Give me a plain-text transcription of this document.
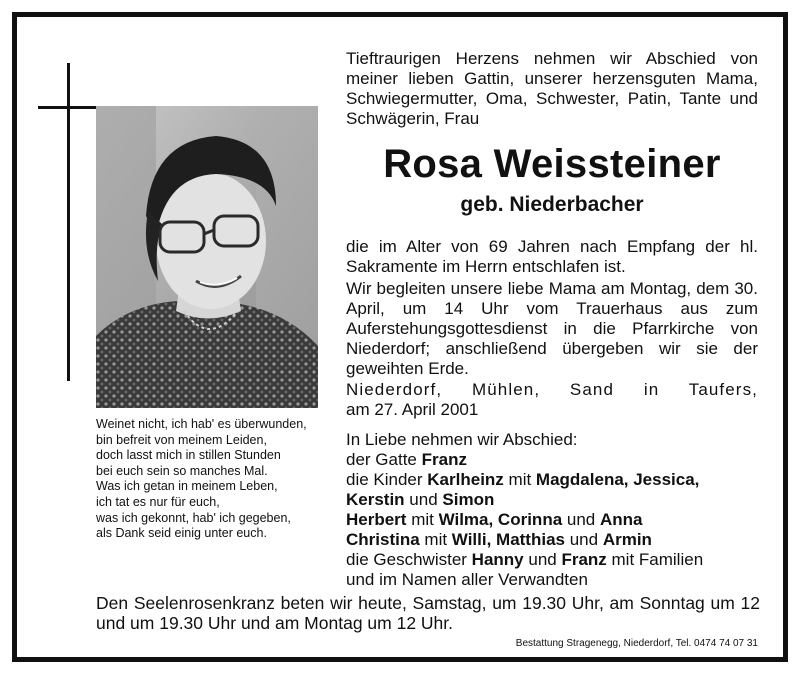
Weinet nicht, ich hab' es überwunden,
bin befreit von meinem Leiden,
doch lasst mich in stillen Stunden
bei euch sein so manches Mal.
Was ich getan in meinem Leben,
ich tat es nur für euch,
was ich gekonnt, hab' ich gegeben,
als Dank seid einig unter euch.
Tieftraurigen Herzens nehmen wir Abschied von meiner lieben Gattin, unserer herzensguten Mama, Schwiegermutter, Oma, Schwester, Patin, Tante und Schwägerin, Frau
Rosa Weissteiner
geb. Niederbacher
die im Alter von 69 Jahren nach Empfang der hl. Sakramente im Herrn entschlafen ist.
Wir begleiten unsere liebe Mama am Montag, dem 30. April, um 14 Uhr vom Trauerhaus aus zum Auferstehungsgottesdienst in die Pfarrkirche von Niederdorf; anschließend übergeben wir sie der geweihten Erde.
Niederdorf, Mühlen, Sand in Taufers,
am 27. April 2001
In Liebe nehmen wir Abschied:
der Gatte Franz
die Kinder Karlheinz mit Magdalena, Jessica,
Kerstin und Simon
Herbert mit Wilma, Corinna und Anna
Christina mit Willi, Matthias und Armin
die Geschwister Hanny und Franz mit Familien
und im Namen aller Verwandten
Den Seelenrosenkranz beten wir heute, Samstag, um 19.30 Uhr, am Sonntag um 12 und um 19.30 Uhr und am Montag um 12 Uhr.
Bestattung Stragenegg, Niederdorf, Tel. 0474 74 07 31
